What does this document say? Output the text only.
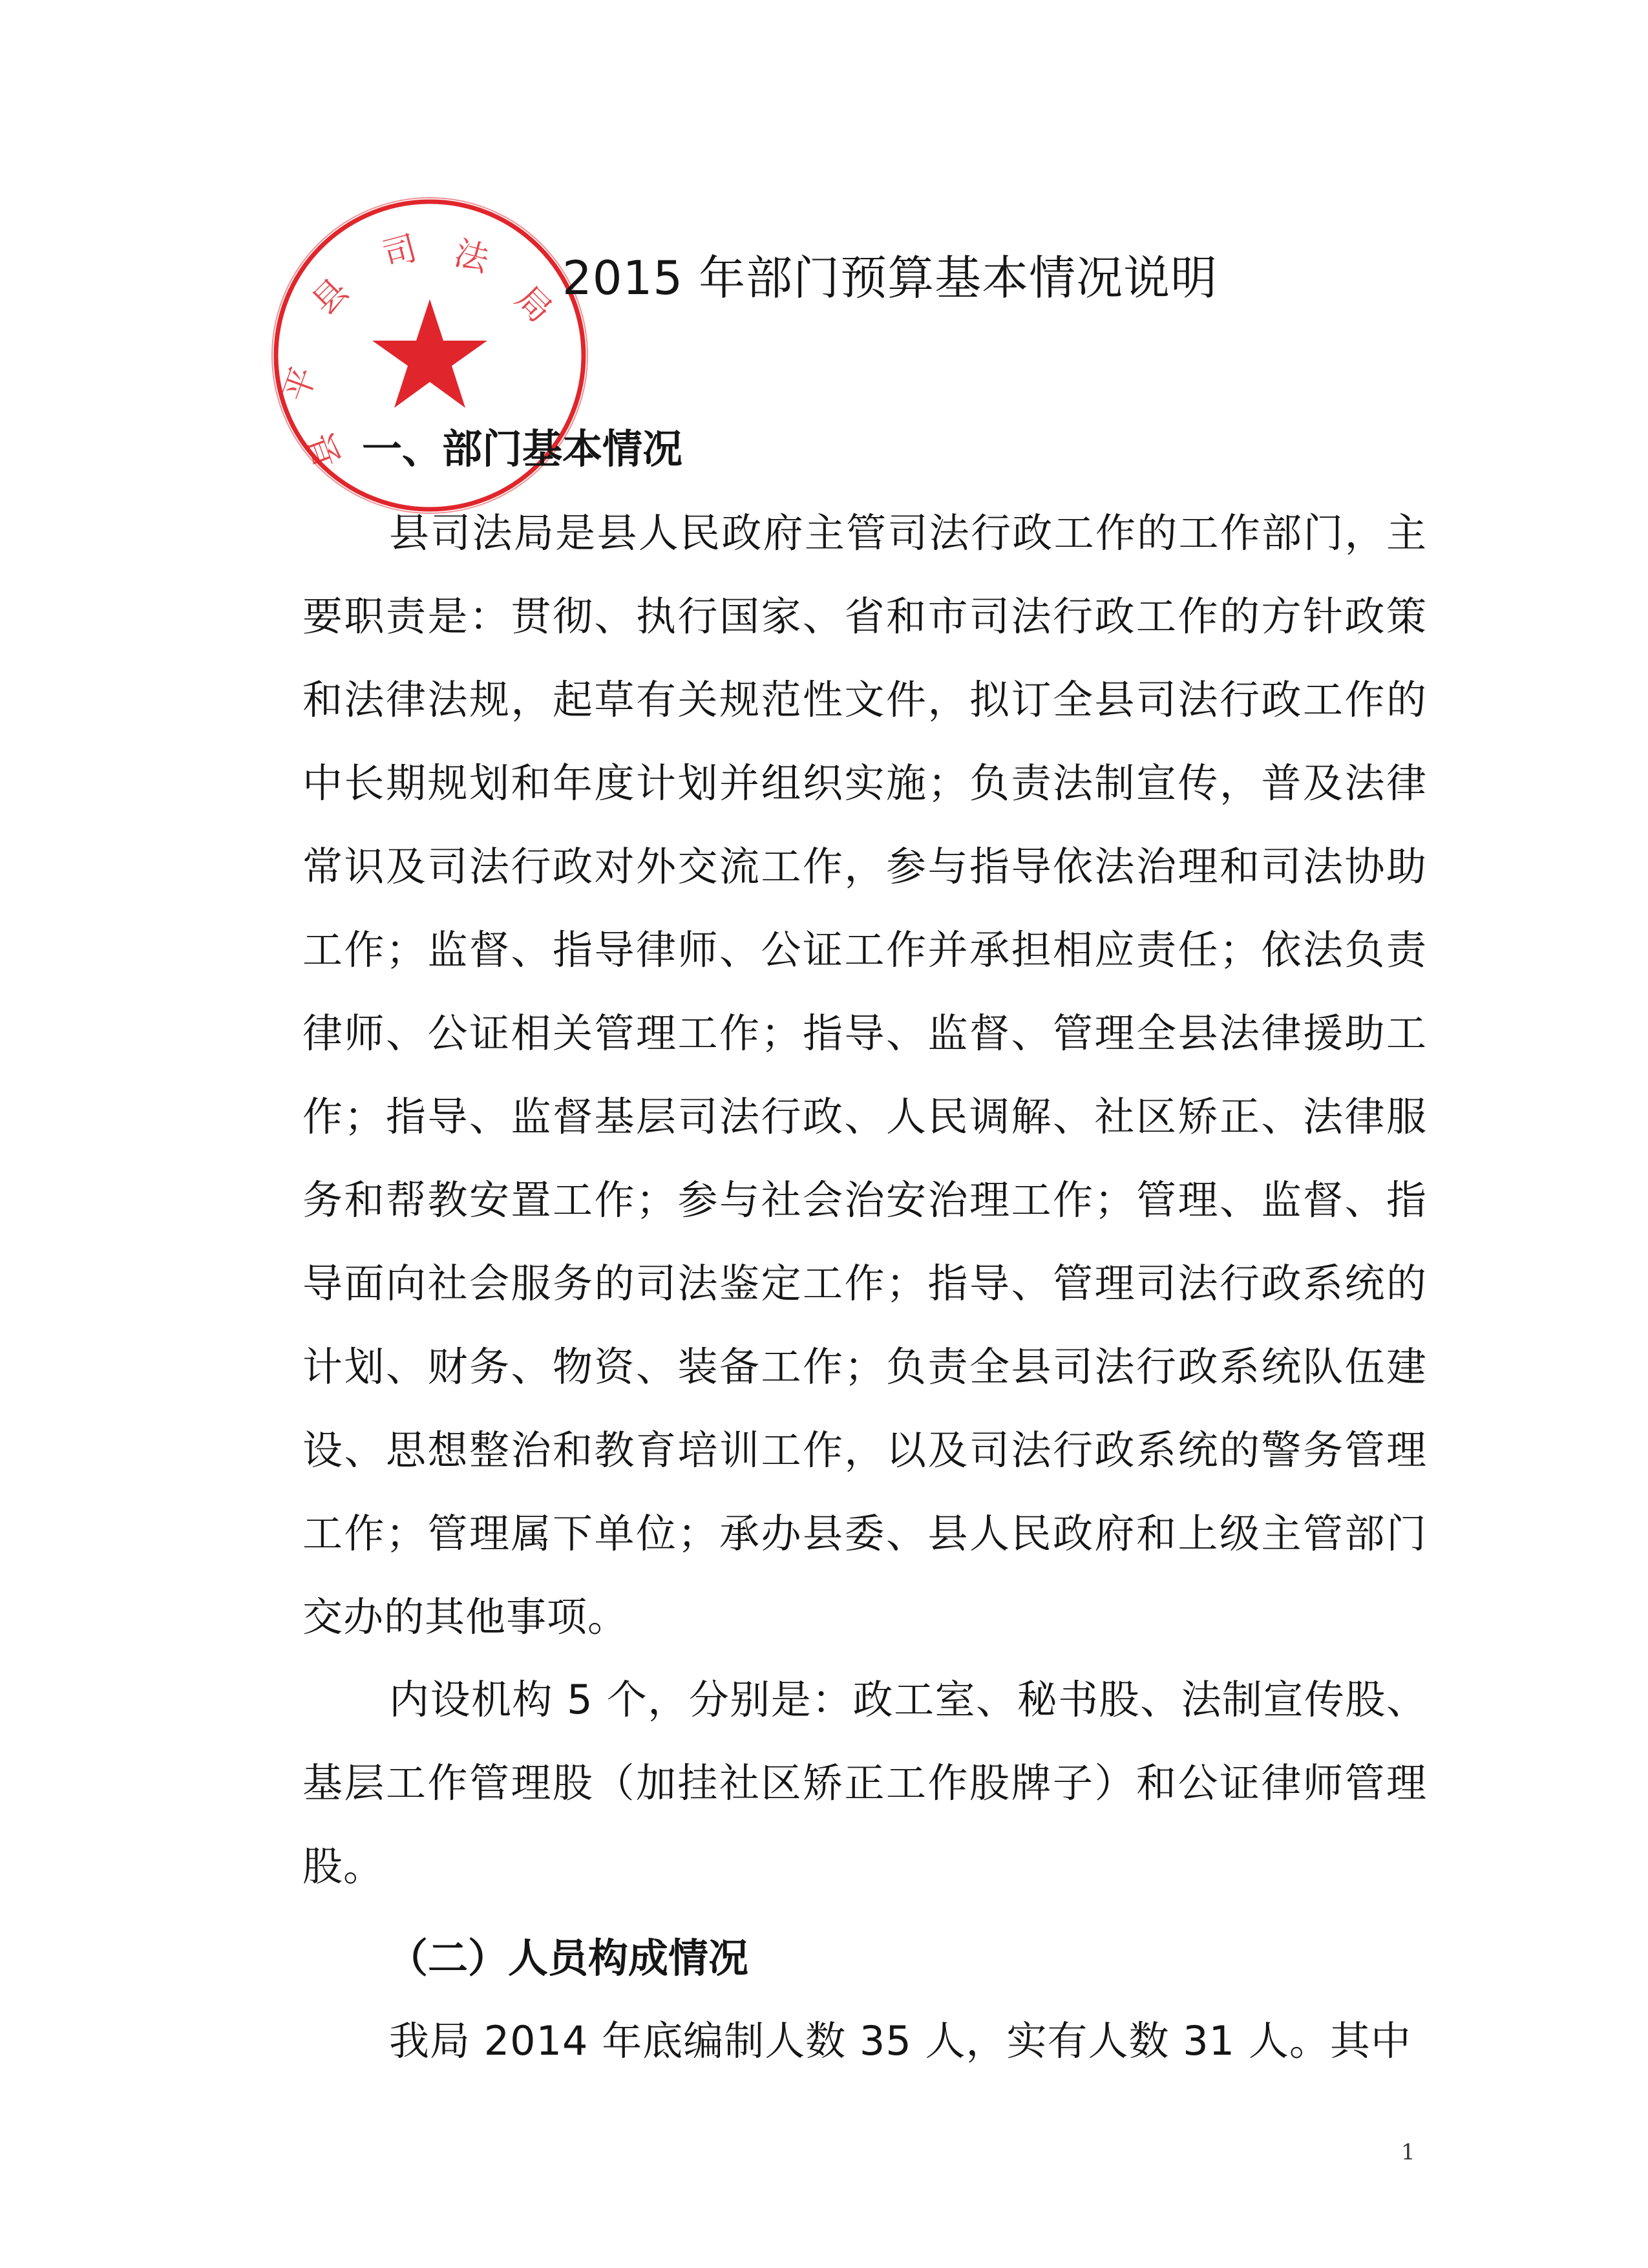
平
县
司 法
局
县
2015 年部门预算基本情况说明
一、部门基本情况

县司法局是县人民政府主管司法行政工作的工作部门，主要职责是：贯彻、执行国家、省和市司法行政工作的方针政策和法律法规，起草有关规范性文件，拟订全县司法行政工作的中长期规划和年度计划并组织实施；负责法制宣传，普及法律常识及司法行政对外交流工作，参与指导依法治理和司法协助工作；监督、指导律师、公证工作并承担相应责任；依法负责律师、公证相关管理工作；指导、监督、管理全县法律援助工作；指导、监督基层司法行政、人民调解、社区矫正、法律服务和帮教安置工作；参与社会治安治理工作；管理、监督、指导面向社会服务的司法鉴定工作；指导、管理司法行政系统的计划、财务、物资、装备工作；负责全县司法行政系统队伍建设、思想整治和教育培训工作，以及司法行政系统的警务管理工作；管理属下单位；承办县委、县人民政府和上级主管部门交办的其他事项。

内设机构 5 个，分别是：政工室、秘书股、法制宣传股、基层工作管理股（加挂社区矫正工作股牌子）和公证律师管理股。

（二）人员构成情况

我局 2014 年底编制人数 35 人，实有人数 31 人。其中

1
